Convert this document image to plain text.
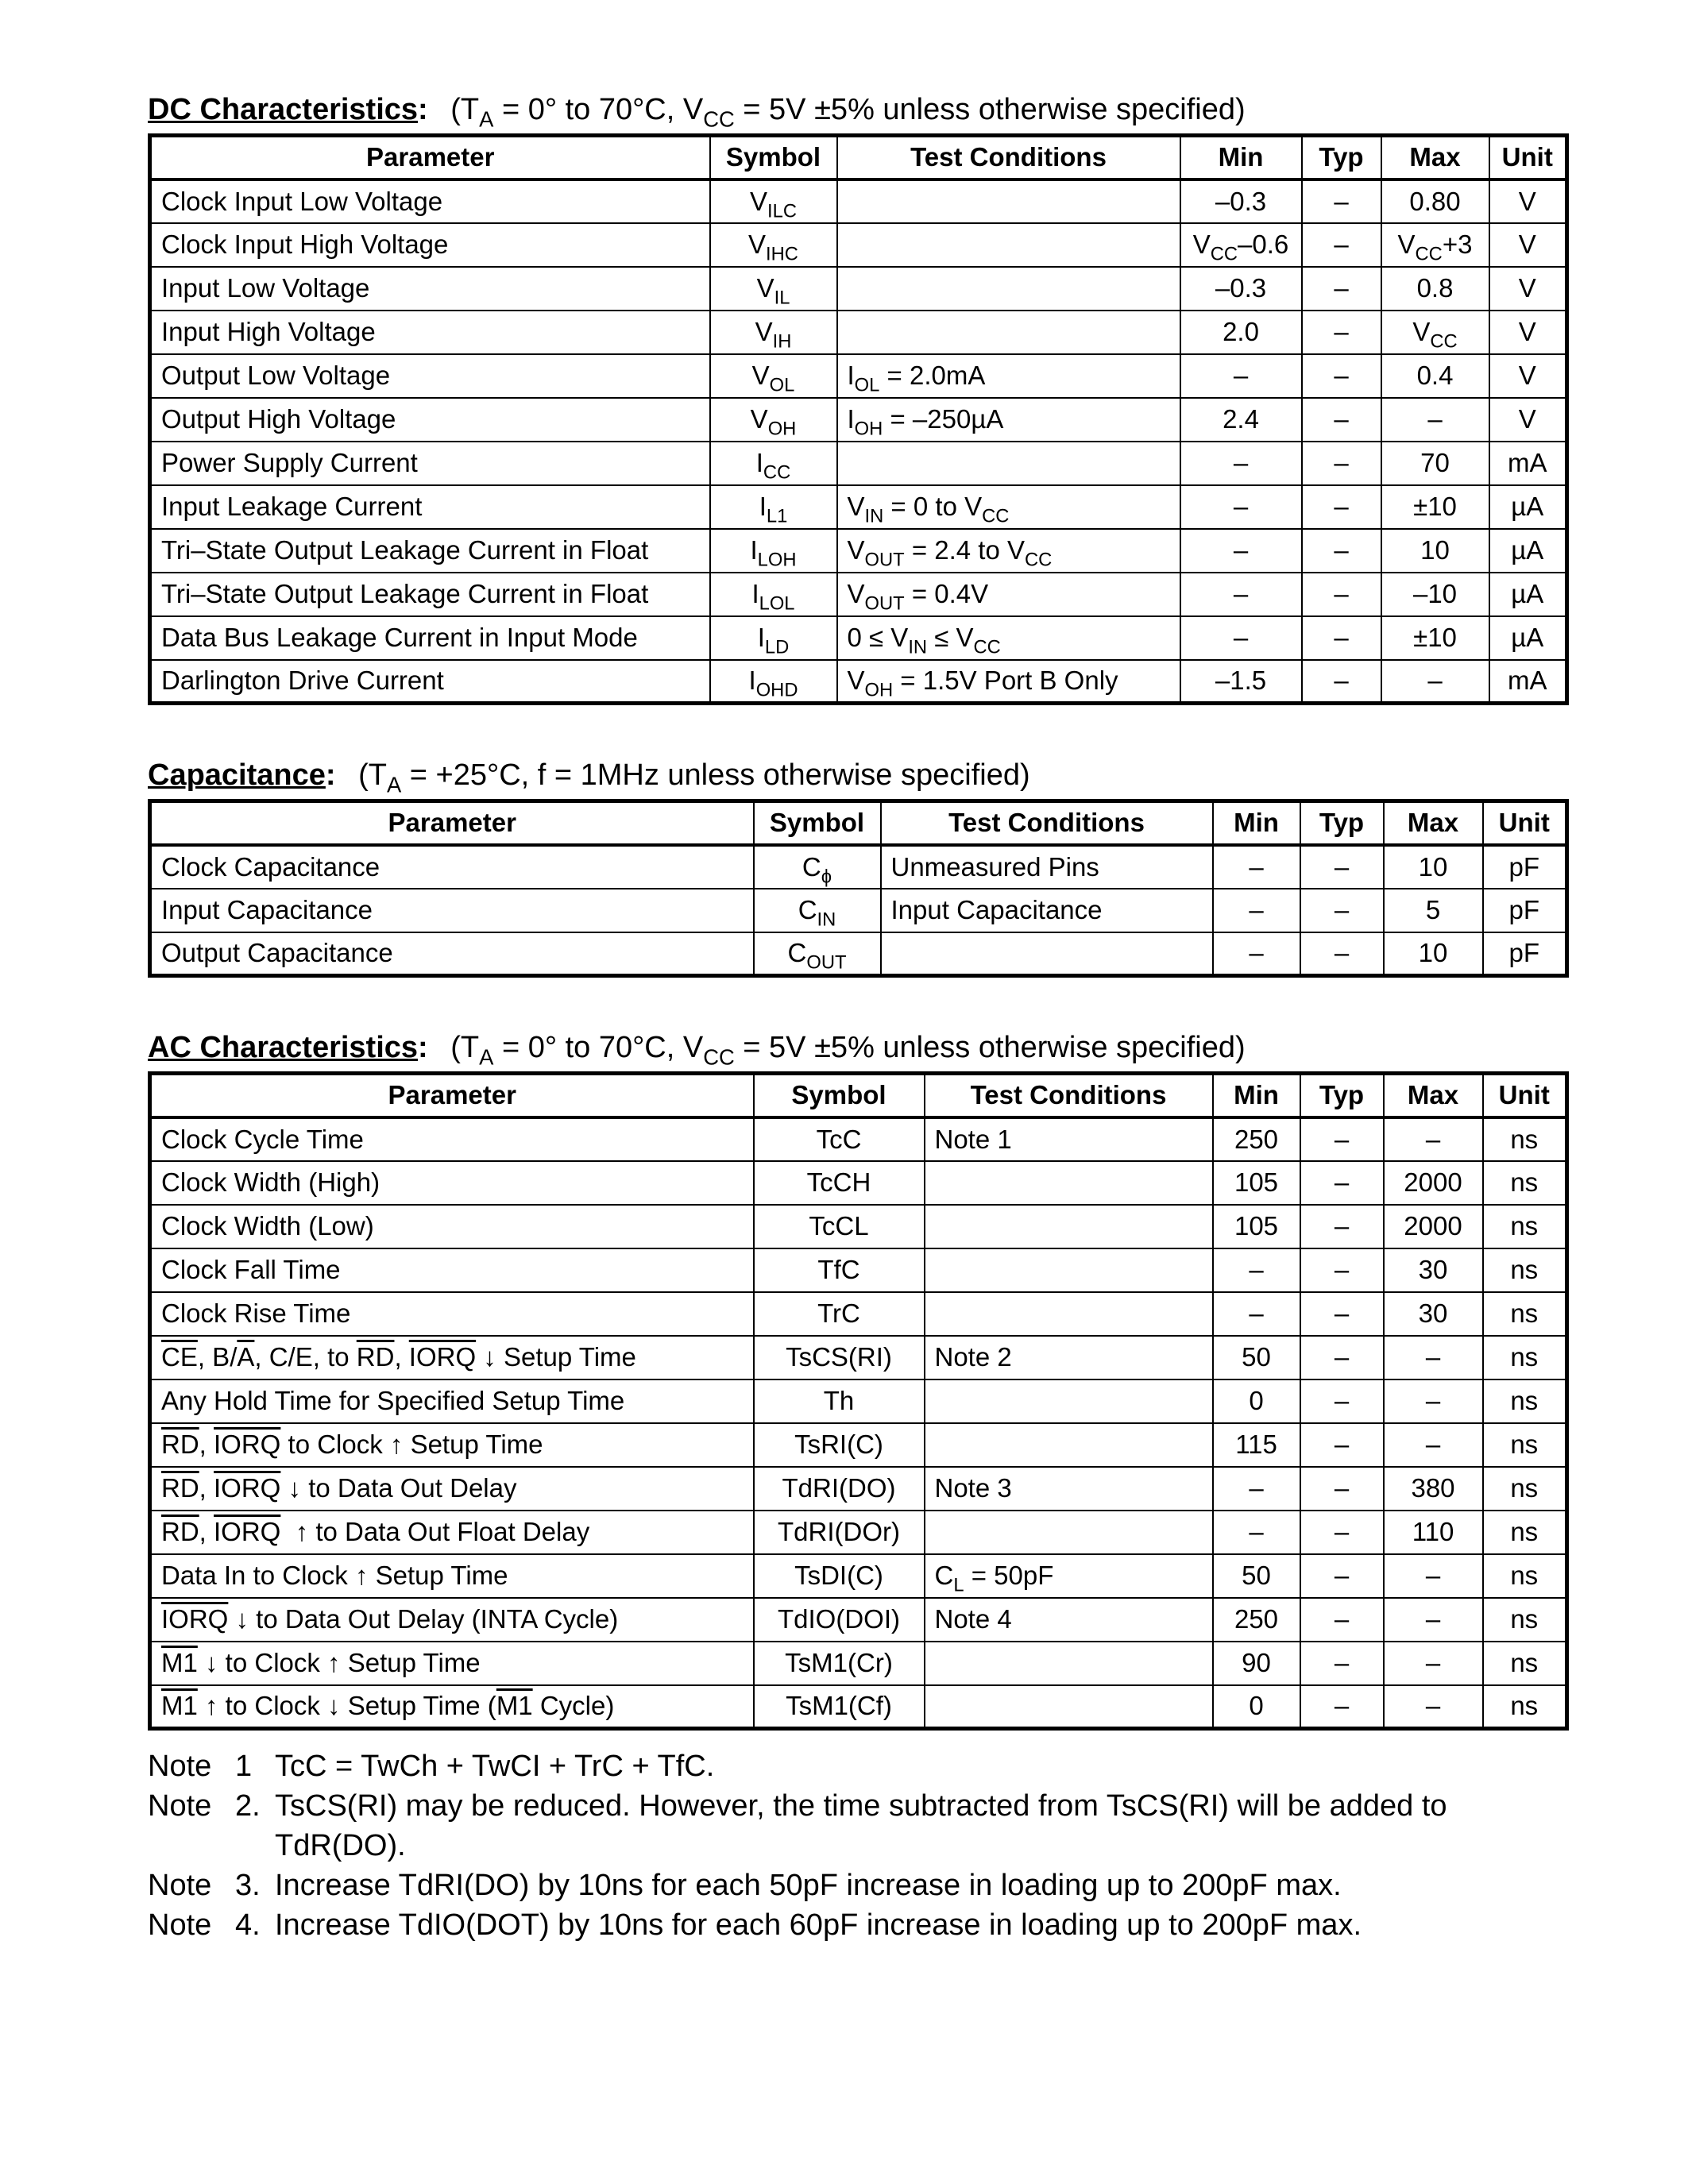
DC Characteristics: ($T_A = 0^\circ$ to 70°C, $V_{CC} = 5V \pm 5\%$ unless otherwise specified)
Parameter	Symbol	Test Conditions	Min	Typ	Max	Unit
Clock Input Low Voltage	$V_{ILC}$		–0.3	–	0.80	V
Clock Input High Voltage	$V_{IHC}$		$V_{CC}-0.6$	–	$V_{CC}+3$	V
Input Low Voltage	$V_{IL}$		–0.3	–	0.8	V
Input High Voltage	$V_{IH}$		2.0	–	$V_{CC}$	V
Output Low Voltage	$V_{OL}$	$I_{OL} = 2.0mA$	–	–	0.4	V
Output High Voltage	$V_{OH}$	$I_{OH} = -250\mu A$	2.4	–	–	V
Power Supply Current	$I_{CC}$		–	–	70	mA
Input Leakage Current	$I_{L1}$	$V_{IN} = 0$ to $V_{CC}$	–	–	±10	µA
Tri–State Output Leakage Current in Float	$I_{LOH}$	$V_{OUT} = 2.4$ to $V_{CC}$	–	–	10	µA
Tri–State Output Leakage Current in Float	$I_{LOL}$	$V_{OUT} = 0.4V$	–	–	–10	µA
Data Bus Leakage Current in Input Mode	$I_{LD}$	$0 \le V_{IN} \le V_{CC}$	–	–	±10	µA
Darlington Drive Current	$I_{OHD}$	$V_{OH} = 1.5V$ Port B Only	–1.5	–	–	mA
Capacitance: ($T_A = +25^\circ C$, f = 1MHz unless otherwise specified)
Parameter	Symbol	Test Conditions	Min	Typ	Max	Unit
Clock Capacitance	$C_\phi$	Unmeasured Pins	–	–	10	pF
Input Capacitance	$C_{IN}$	Input Capacitance	–	–	5	pF
Output Capacitance	$C_{OUT}$		–	–	10	pF
AC Characteristics: ($T_A = 0^\circ$ to 70°C, $V_{CC} = 5V \pm 5\%$ unless otherwise specified)
Parameter	Symbol	Test Conditions	Min	Typ	Max	Unit
Clock Cycle Time	TcC	Note 1	250	–	–	ns
Clock Width (High)	TcCH		105	–	2000	ns
Clock Width (Low)	TcCL		105	–	2000	ns
Clock Fall Time	TfC		–	–	30	ns
Clock Rise Time	TrC		–	–	30	ns
$\overline{CE}$, $B/\overline{A}$, C/E, to $\overline{RD}$, IORQ ↓ Setup Time	TsCS(RI)	Note 2	50	–	–	ns
Any Hold Time for Specified Setup Time	Th		0	–	–	ns
$\overline{RD}$, IORQ to Clock ↑ Setup Time	TsRI(C)		115	–	–	ns
$\overline{RD}$, IORQ ↓ to Data Out Delay	TdRI(DO)	Note 3	–	–	380	ns
$\overline{RD}$, IORQ  ↑ to Data Out Float Delay	TdRI(DOr)		–	–	110	ns
Data In to Clock ↑ Setup Time	TsDI(C)	$C_L = 50pF$	50	–	–	ns
IORQ ↓ to Data Out Delay (INTA Cycle)	TdIO(DOI)	Note 4	250	–	–	ns
M1 ↓ to Clock ↑ Setup Time	TsM1(Cr)		90	–	–	ns
M1 ↑ to Clock ↓ Setup Time (M1 Cycle)	TsM1(Cf)		0	–	–	ns
Note 1 TcC = TwCh + TwCI + TrC + TfC.
Note 2. TsCS(RI) may be reduced. However, the time subtracted from TsCS(RI) will be added to TdR(DO).
Note 3. Increase TdRI(DO) by 10ns for each 50pF increase in loading up to 200pF max.
Note 4. Increase TdIO(DOT) by 10ns for each 60pF increase in loading up to 200pF max.
